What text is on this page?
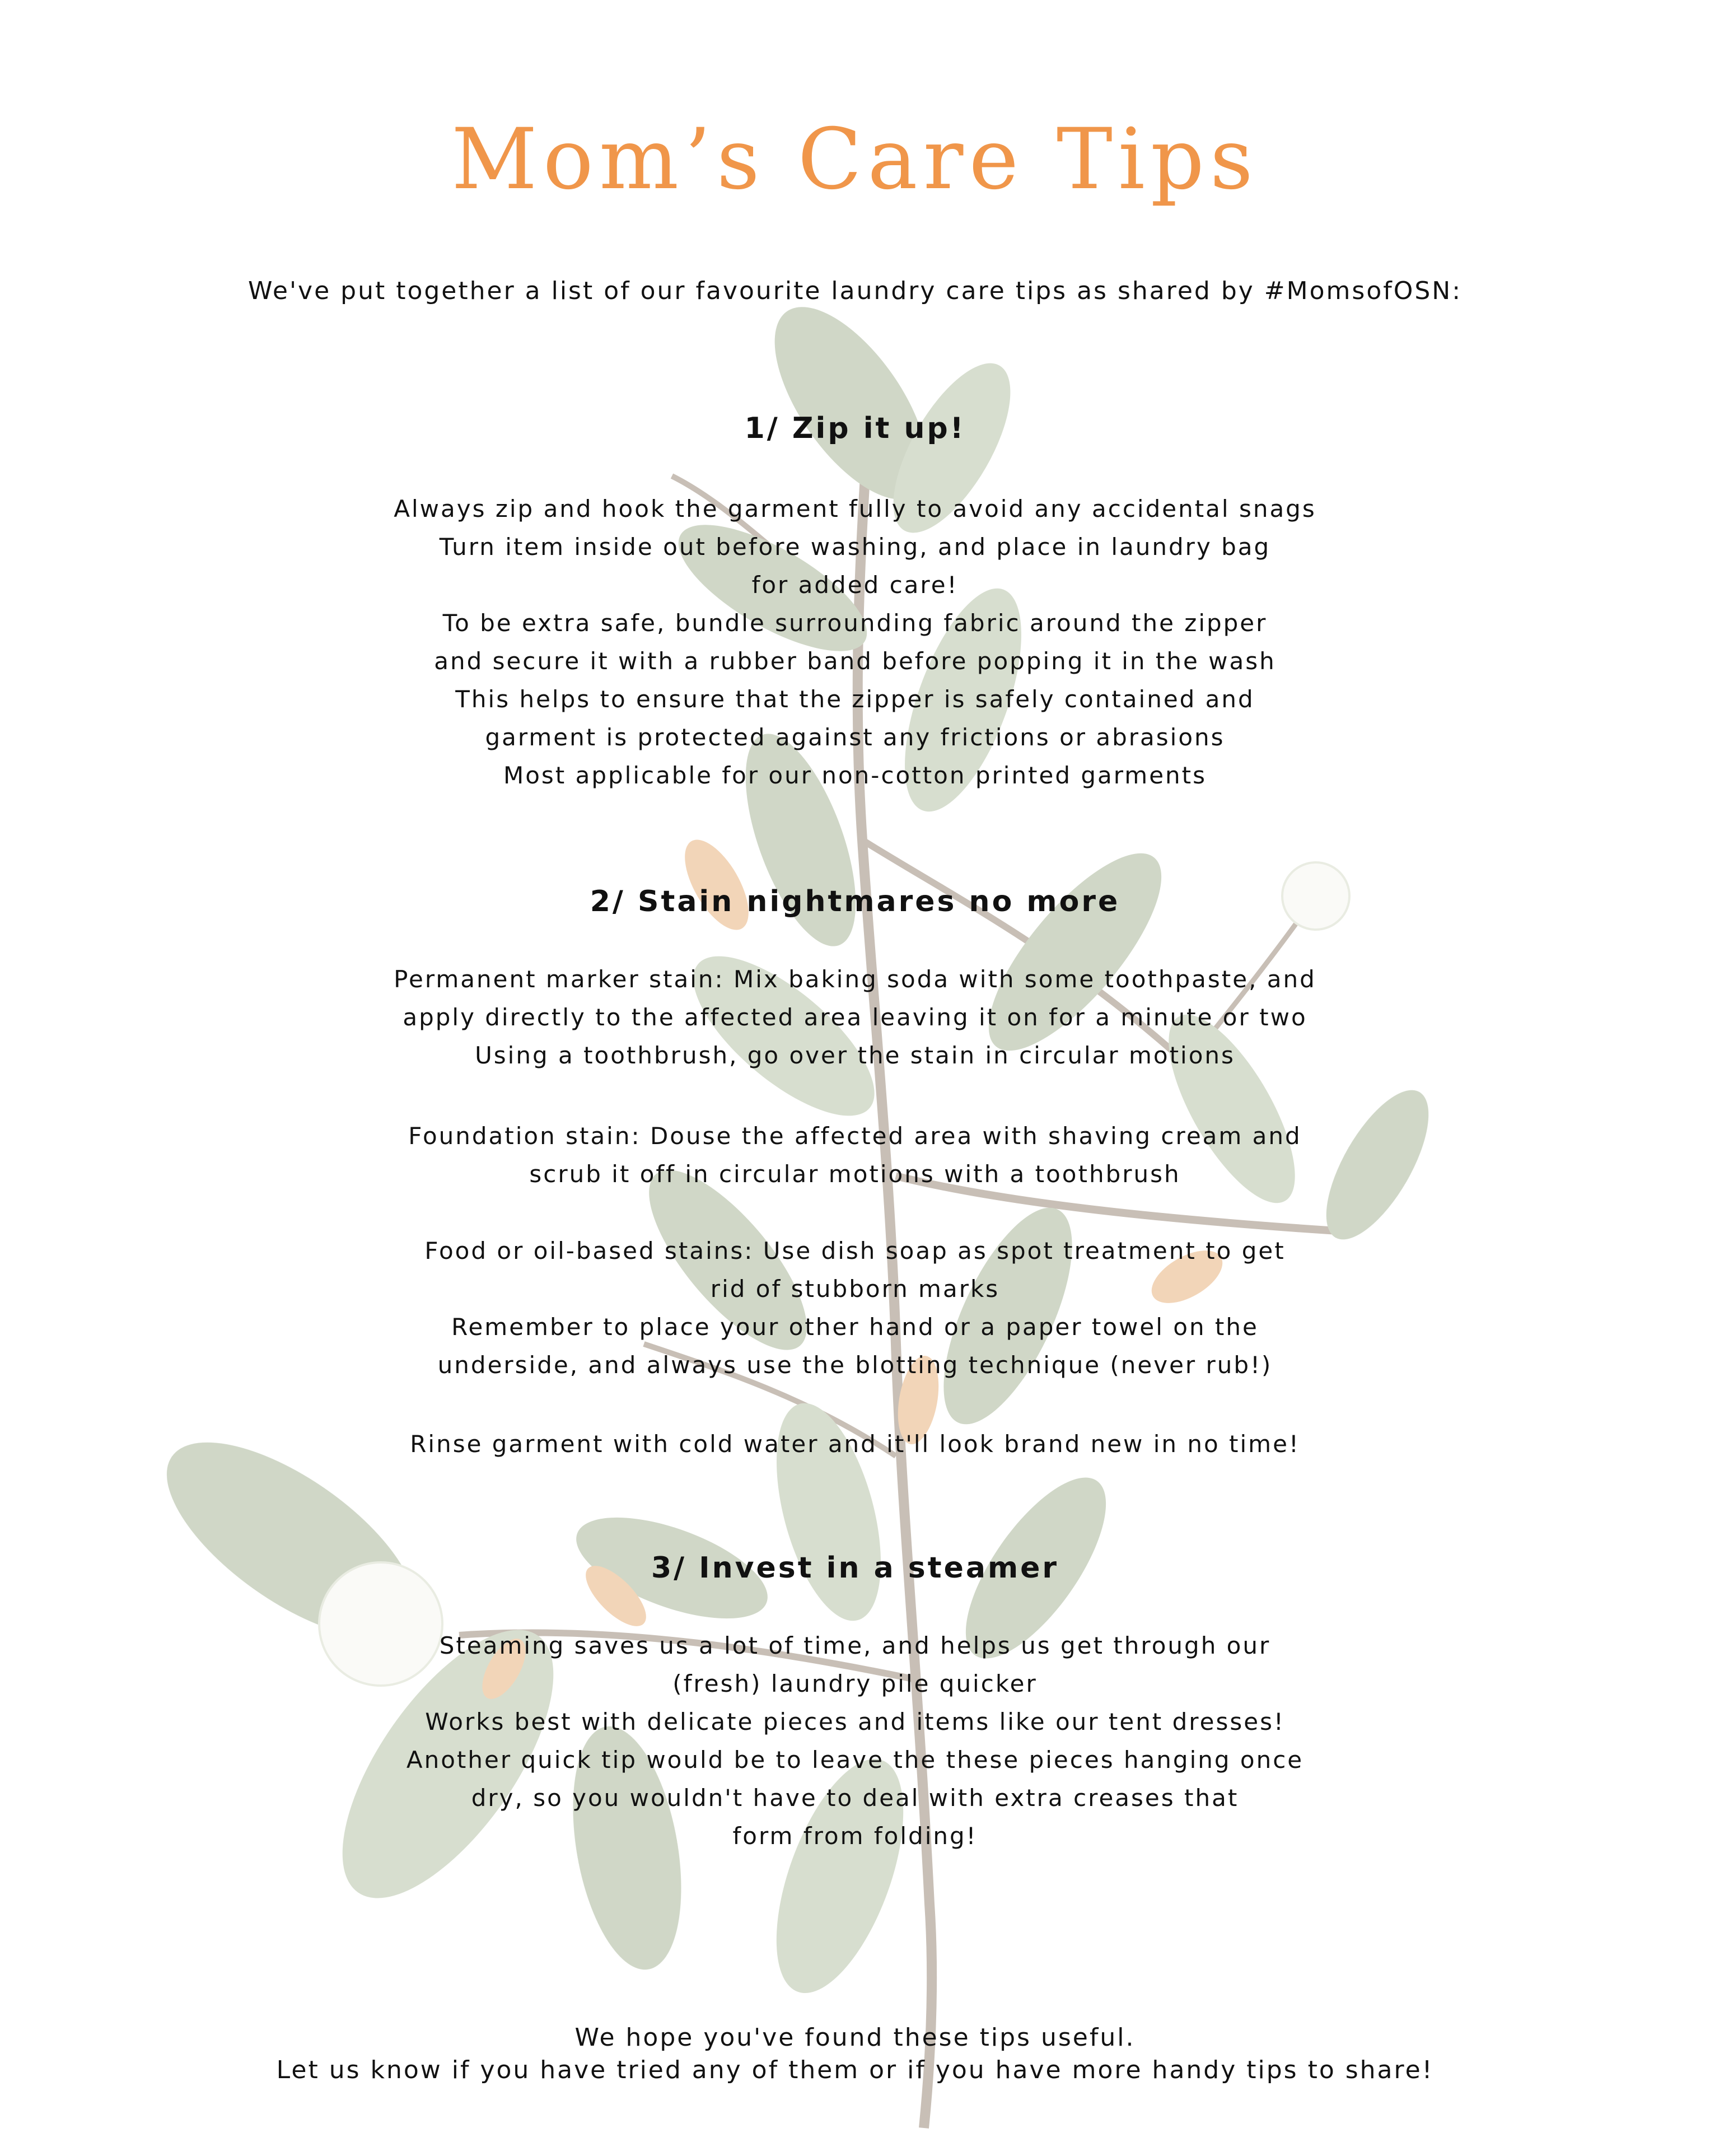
Mom’s Care Tips

We've put together a list of our favourite laundry care tips as shared by #MomsofOSN:

1/ Zip it up!

Always zip and hook the garment fully to avoid any accidental snags
Turn item inside out before washing, and place in laundry bag
for added care!
To be extra safe, bundle surrounding fabric around the zipper
and secure it with a rubber band before popping it in the wash
This helps to ensure that the zipper is safely contained and
garment is protected against any frictions or abrasions
Most applicable for our non-cotton printed garments

2/ Stain nightmares no more

Permanent marker stain: Mix baking soda with some toothpaste, and
apply directly to the affected area leaving it on for a minute or two
Using a toothbrush, go over the stain in circular motions

Foundation stain: Douse the affected area with shaving cream and
scrub it off in circular motions with a toothbrush

Food or oil-based stains: Use dish soap as spot treatment to get
rid of stubborn marks
Remember to place your other hand or a paper towel on the
underside, and always use the blotting technique (never rub!)

Rinse garment with cold water and it'll look brand new in no time!

3/ Invest in a steamer

Steaming saves us a lot of time, and helps us get through our
(fresh) laundry pile quicker
Works best with delicate pieces and items like our tent dresses!
Another quick tip would be to leave the these pieces hanging once
dry, so you wouldn't have to deal with extra creases that
form from folding!

We hope you've found these tips useful.
Let us know if you have tried any of them or if you have more handy tips to share!
